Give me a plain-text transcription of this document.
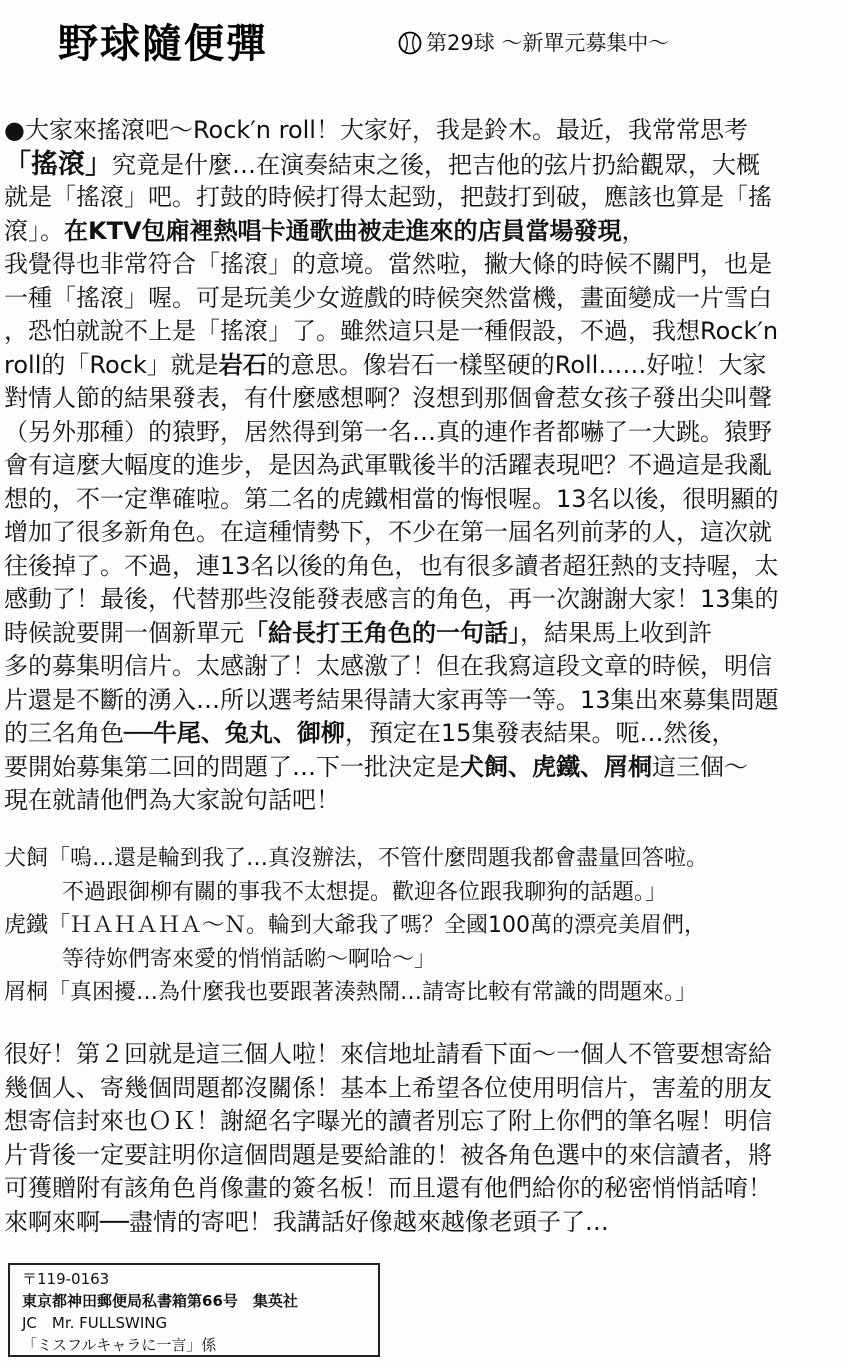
野球隨便彈	第29球 ～新單元募集中～
●大家來搖滾吧～Rock′n roll！大家好，我是鈴木。最近，我常常思考
「搖滾」究竟是什麼…在演奏結束之後，把吉他的弦片扔給觀眾，大概
就是「搖滾」吧。打鼓的時候打得太起勁，把鼓打到破，應該也算是「搖
滾」。在KTV包廂裡熱唱卡通歌曲被走進來的店員當場發現，
我覺得也非常符合「搖滾」的意境。當然啦，撇大條的時候不關門，也是
一種「搖滾」喔。可是玩美少女遊戲的時候突然當機，畫面變成一片雪白
，恐怕就說不上是「搖滾」了。雖然這只是一種假設，不過，我想Rock′n
roll的「Rock」就是岩石的意思。像岩石一樣堅硬的Roll……好啦！大家
對情人節的結果發表，有什麼感想啊？沒想到那個會惹女孩子發出尖叫聲
（另外那種）的猿野，居然得到第一名…真的連作者都嚇了一大跳。猿野
會有這麼大幅度的進步，是因為武軍戰後半的活躍表現吧？不過這是我亂
想的，不一定準確啦。第二名的虎鐵相當的悔恨喔。13名以後，很明顯的
增加了很多新角色。在這種情勢下，不少在第一屆名列前茅的人，這次就
往後掉了。不過，連13名以後的角色，也有很多讀者超狂熱的支持喔，太
感動了！最後，代替那些沒能發表感言的角色，再一次謝謝大家！13集的
時候說要開一個新單元「給長打王角色的一句話」，結果馬上收到許
多的募集明信片。太感謝了！太感激了！但在我寫這段文章的時候，明信
片還是不斷的湧入…所以選考結果得請大家再等一等。13集出來募集問題
的三名角色──牛尾、兔丸、御柳，預定在15集發表結果。呃…然後，
要開始募集第二回的問題了…下一批決定是犬飼、虎鐵、屑桐這三個～
現在就請他們為大家說句話吧！
犬飼「嗚…還是輪到我了…真沒辦法，不管什麼問題我都會盡量回答啦。
不過跟御柳有關的事我不太想提。歡迎各位跟我聊狗的話題。」
虎鐵「ＨＡＨＡＨＡ～Ｎ。輪到大爺我了嗎？全國100萬的漂亮美眉們，
等待妳們寄來愛的悄悄話喲～啊哈～」
屑桐「真困擾…為什麼我也要跟著湊熱鬧…請寄比較有常識的問題來。」
很好！第２回就是這三個人啦！來信地址請看下面～一個人不管要想寄給
幾個人、寄幾個問題都沒關係！基本上希望各位使用明信片，害羞的朋友
想寄信封來也ＯＫ！謝絕名字曝光的讀者別忘了附上你們的筆名喔！明信
片背後一定要註明你這個問題是要給誰的！被各角色選中的來信讀者，將
可獲贈附有該角色肖像畫的簽名板！而且還有他們給你的秘密悄悄話唷！
來啊來啊──盡情的寄吧！我講話好像越來越像老頭子了…
〒119-0163
東京都神田郵便局私書箱第66号　集英社
JC　Mr. FULLSWING
「ミスフルキャラに一言」係
